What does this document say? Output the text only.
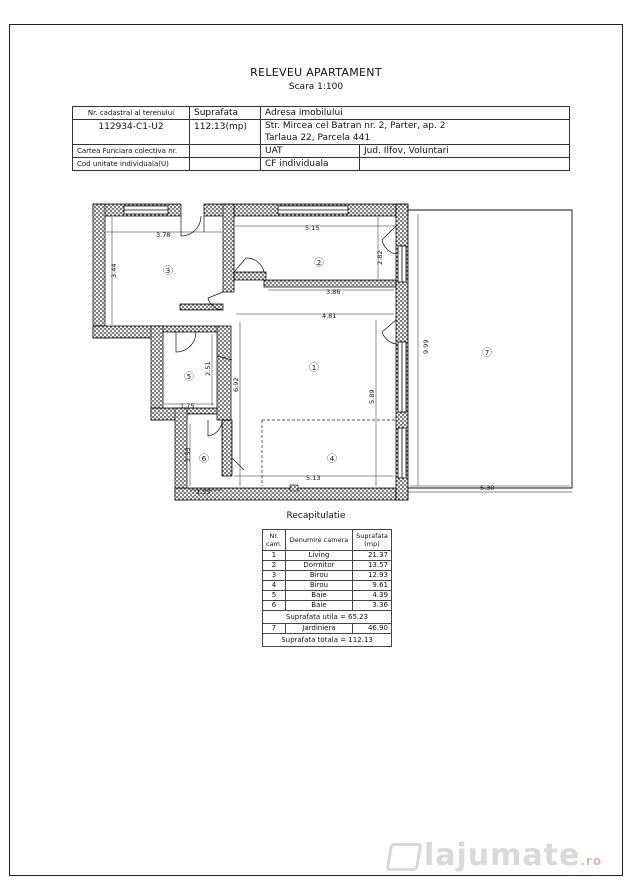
RELEVEU APARTAMENT
Scara 1:100
Nr. cadastral al terenului	Suprafata	Adresa imobilului	
112934-C1-U2	112.13(mp)	Str. Mircea cel Batran nr. 2, Parter, ap. 2	
		Tarlaua 22, Parcela 441	
Cartea Funciara colectiva nr.		UAT	Jud. Ilfov, Voluntari
Cod unitate individuala(U)		CF individuala	
3.78
5.15
3.44
2.82
3.86
4.81
9.99
2.51
1.75
6.92
5.89
2.53
1.33
5.13
5.30
1
2
3
4
5
6
7
Recapitulatie
Nr. cam.	Denumire camera	Suprafata (mp)
1	Living	21.37
2	Dormitor	13.57
3	Birou	12.93
4	Birou	9.61
5	Baie	4.39
6	Baie	3.36
Suprafata utila = 65.23		
7	Jardiniera	46.90
Suprafata totala = 112.13		
lajumate.ro
